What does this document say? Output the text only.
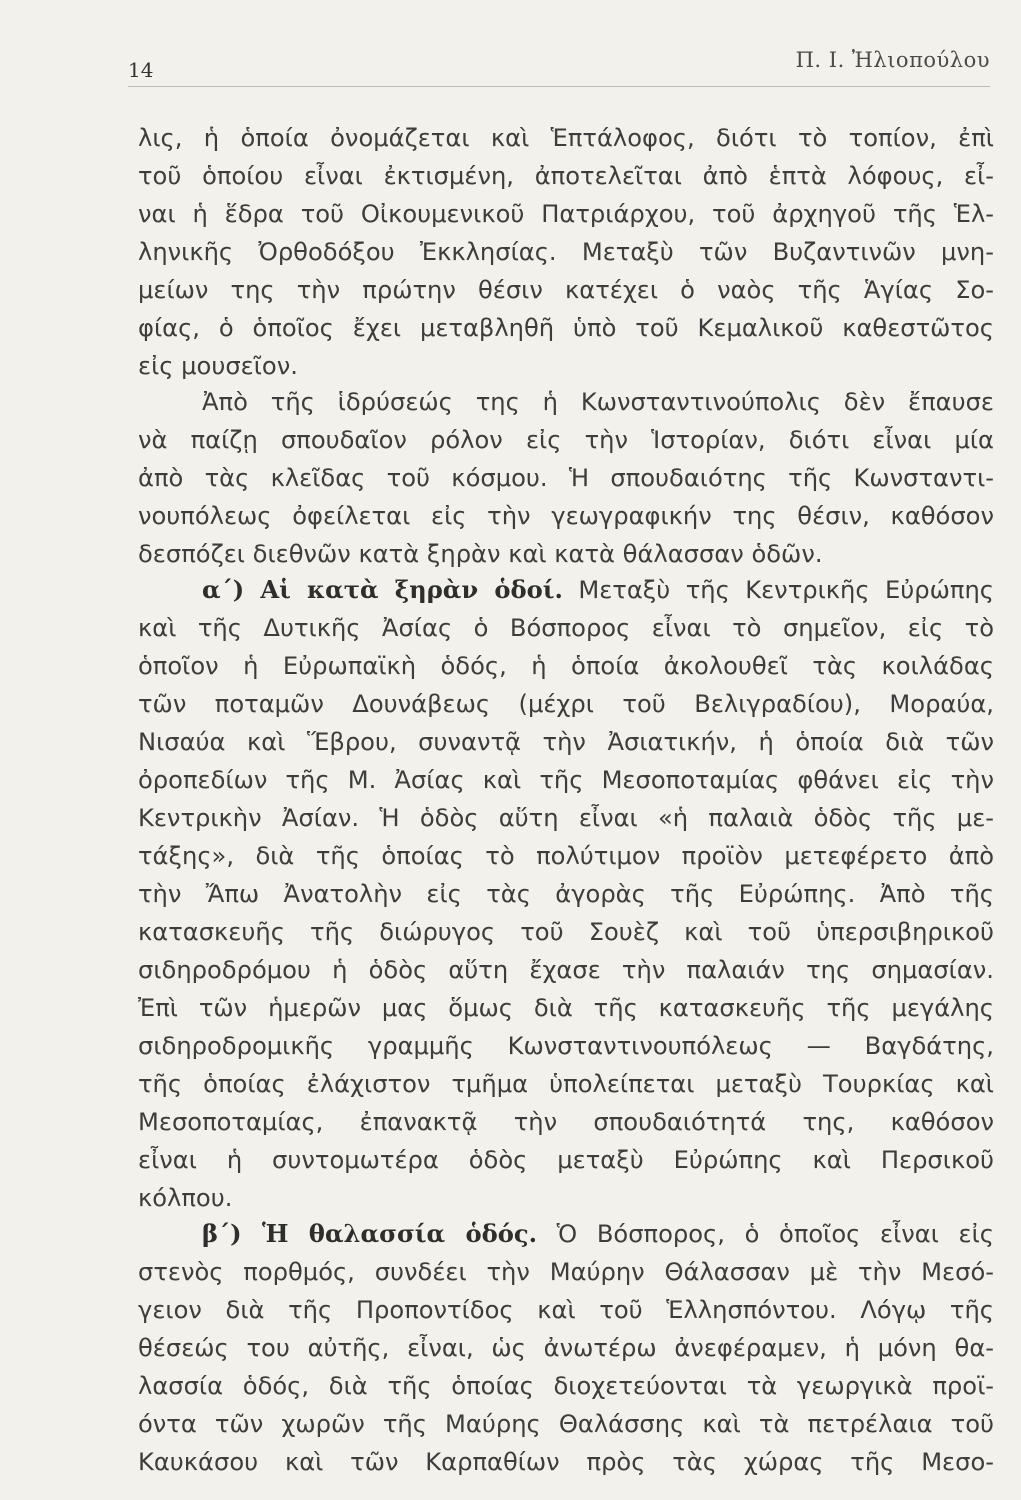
14	Π. Ι. Ἠλιοπούλου
λις, ἡ ὁποία ὀνομάζεται καὶ Ἑπτάλοφος, διότι τὸ τοπίον, ἐπὶ
τοῦ ὁποίου εἶναι ἐκτισμένη, ἀποτελεῖται ἀπὸ ἑπτὰ λόφους, εἶ-
ναι ἡ ἕδρα τοῦ Οἰκουμενικοῦ Πατριάρχου, τοῦ ἀρχηγοῦ τῆς Ἑλ-
ληνικῆς Ὀρθοδόξου Ἐκκλησίας. Μεταξὺ τῶν Βυζαντινῶν μνη-
μείων της τὴν πρώτην θέσιν κατέχει ὁ ναὸς τῆς Ἁγίας Σο-
φίας, ὁ ὁποῖος ἔχει μεταβληθῆ ὑπὸ τοῦ Κεμαλικοῦ καθεστῶτος
εἰς μουσεῖον.
Ἀπὸ τῆς ἱδρύσεώς της ἡ Κωνσταντινούπολις δὲν ἔπαυσε
νὰ παίζῃ σπουδαῖον ρόλον εἰς τὴν Ἱστορίαν, διότι εἶναι μία
ἀπὸ τὰς κλεῖδας τοῦ κόσμου. Ἡ σπουδαιότης τῆς Κωνσταντι-
νουπόλεως ὀφείλεται εἰς τὴν γεωγραφικήν της θέσιν, καθόσον
δεσπόζει διεθνῶν κατὰ ξηρὰν καὶ κατὰ θάλασσαν ὁδῶν.
α΄) Αἱ κατὰ ξηρὰν ὁδοί. Μεταξὺ τῆς Κεντρικῆς Εὐρώπης
καὶ τῆς Δυτικῆς Ἀσίας ὁ Βόσπορος εἶναι τὸ σημεῖον, εἰς τὸ
ὁποῖον ἡ Εὐρωπαϊκὴ ὁδός, ἡ ὁποία ἀκολουθεῖ τὰς κοιλάδας
τῶν ποταμῶν Δουνάβεως (μέχρι τοῦ Βελιγραδίου), Μοραύα,
Νισαύα καὶ Ἕβρου, συναντᾷ τὴν Ἀσιατικήν, ἡ ὁποία διὰ τῶν
ὀροπεδίων τῆς Μ. Ἀσίας καὶ τῆς Μεσοποταμίας φθάνει εἰς τὴν
Κεντρικὴν Ἀσίαν. Ἡ ὁδὸς αὕτη εἶναι «ἡ παλαιὰ ὁδὸς τῆς με-
τάξης», διὰ τῆς ὁποίας τὸ πολύτιμον προϊὸν μετεφέρετο ἀπὸ
τὴν Ἄπω Ἀνατολὴν εἰς τὰς ἀγορὰς τῆς Εὐρώπης. Ἀπὸ τῆς
κατασκευῆς τῆς διώρυγος τοῦ Σουὲζ καὶ τοῦ ὑπερσιβηρικοῦ
σιδηροδρόμου ἡ ὁδὸς αὕτη ἔχασε τὴν παλαιάν της σημασίαν.
Ἐπὶ τῶν ἡμερῶν μας ὅμως διὰ τῆς κατασκευῆς τῆς μεγάλης
σιδηροδρομικῆς γραμμῆς Κωνσταντινουπόλεως — Βαγδάτης,
τῆς ὁποίας ἐλάχιστον τμῆμα ὑπολείπεται μεταξὺ Τουρκίας καὶ
Μεσοποταμίας, ἐπανακτᾷ τὴν σπουδαιότητά της, καθόσον
εἶναι ἡ συντομωτέρα ὁδὸς μεταξὺ Εὐρώπης καὶ Περσικοῦ
κόλπου.
β΄) Ἡ θαλασσία ὁδός. Ὁ Βόσπορος, ὁ ὁποῖος εἶναι εἰς
στενὸς πορθμός, συνδέει τὴν Μαύρην Θάλασσαν μὲ τὴν Μεσό-
γειον διὰ τῆς Προποντίδος καὶ τοῦ Ἑλλησπόντου. Λόγῳ τῆς
θέσεώς του αὐτῆς, εἶναι, ὡς ἀνωτέρω ἀνεφέραμεν, ἡ μόνη θα-
λασσία ὁδός, διὰ τῆς ὁποίας διοχετεύονται τὰ γεωργικὰ προϊ-
όντα τῶν χωρῶν τῆς Μαύρης Θαλάσσης καὶ τὰ πετρέλαια τοῦ
Καυκάσου καὶ τῶν Καρπαθίων πρὸς τὰς χώρας τῆς Μεσο-
